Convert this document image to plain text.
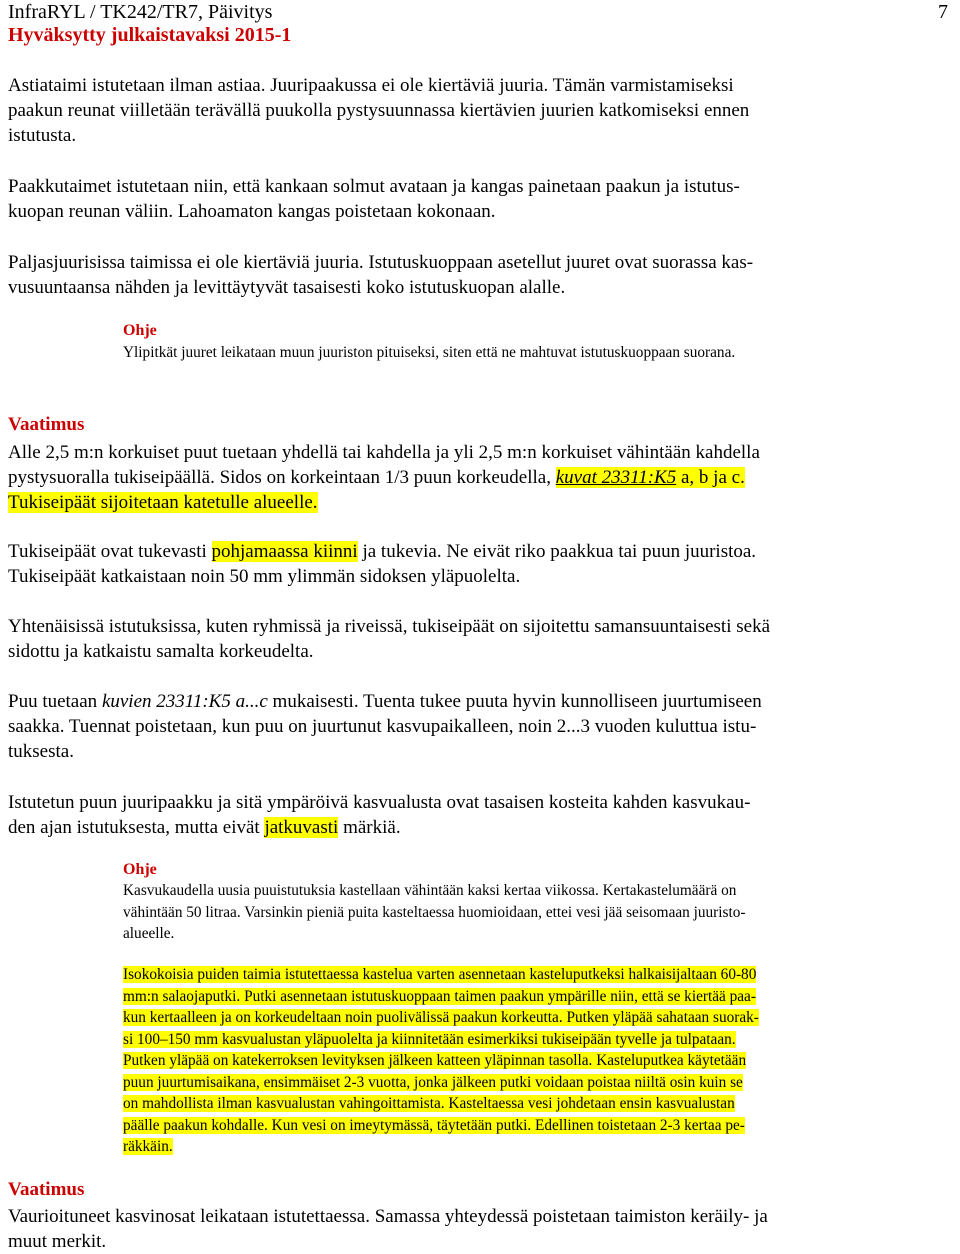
InfraRYL / TK242/TR7, Päivitys
Hyväksytty julkaistavaksi 2015-1
7
Astiataimi istutetaan ilman astiaa. Juuripaakussa ei ole kiertäviä juuria. Tämän varmistamiseksi
paakun reunat viilletään terävällä puukolla pystysuunnassa kiertävien juurien katkomiseksi ennen
istutusta.
Paakkutaimet istutetaan niin, että kankaan solmut avataan ja kangas painetaan paakun ja istutus-
kuopan reunan väliin. Lahoamaton kangas poistetaan kokonaan.
Paljasjuurisissa taimissa ei ole kiertäviä juuria. Istutuskuoppaan asetellut juuret ovat suorassa kas-
vusuuntaansa nähden ja levittäytyvät tasaisesti koko istutuskuopan alalle.
Ohje
Ylipitkät juuret leikataan muun juuriston pituiseksi, siten että ne mahtuvat istutuskuoppaan suorana.
Vaatimus
Alle 2,5 m:n korkuiset puut tuetaan yhdellä tai kahdella ja yli 2,5 m:n korkuiset vähintään kahdella
pystysuoralla tukiseipäällä. Sidos on korkeintaan 1/3 puun korkeudella, kuvat 23311:K5 a, b ja c.
Tukiseipäät sijoitetaan katetulle alueelle.
Tukiseipäät ovat tukevasti pohjamaassa kiinni ja tukevia. Ne eivät riko paakkua tai puun juuristoa.
Tukiseipäät katkaistaan noin 50 mm ylimmän sidoksen yläpuolelta.
Yhtenäisissä istutuksissa, kuten ryhmissä ja riveissä, tukiseipäät on sijoitettu samansuuntaisesti sekä
sidottu ja katkaistu samalta korkeudelta.
Puu tuetaan kuvien 23311:K5 a...c mukaisesti. Tuenta tukee puuta hyvin kunnolliseen juurtumiseen
saakka. Tuennat poistetaan, kun puu on juurtunut kasvupaikalleen, noin 2...3 vuoden kuluttua istu-
tuksesta.
Istutetun puun juuripaakku ja sitä ympäröivä kasvualusta ovat tasaisen kosteita kahden kasvukau-
den ajan istutuksesta, mutta eivät jatkuvasti märkiä.
Ohje
Kasvukaudella uusia puuistutuksia kastellaan vähintään kaksi kertaa viikossa. Kertakastelumäärä on
vähintään 50 litraa. Varsinkin pieniä puita kasteltaessa huomioidaan, ettei vesi jää seisomaan juuristo-
alueelle.
Isokokoisia puiden taimia istutettaessa kastelua varten asennetaan kasteluputkeksi halkaisijaltaan 60-80
mm:n salaojaputki. Putki asennetaan istutuskuoppaan taimen paakun ympärille niin, että se kiertää paa-
kun kertaalleen ja on korkeudeltaan noin puolivälissä paakun korkeutta. Putken yläpää sahataan suorak-
si 100–150 mm kasvualustan yläpuolelta ja kiinnitetään esimerkiksi tukiseipään tyvelle ja tulpataan.
Putken yläpää on katekerroksen levityksen jälkeen katteen yläpinnan tasolla. Kasteluputkea käytetään
puun juurtumisaikana, ensimmäiset 2-3 vuotta, jonka jälkeen putki voidaan poistaa niiltä osin kuin se
on mahdollista ilman kasvualustan vahingoittamista. Kasteltaessa vesi johdetaan ensin kasvualustan
päälle paakun kohdalle. Kun vesi on imeytymässä, täytetään putki. Edellinen toistetaan 2-3 kertaa pe-
räkkäin.
Vaatimus
Vaurioituneet kasvinosat leikataan istutettaessa. Samassa yhteydessä poistetaan taimiston keräily- ja
muut merkit.
